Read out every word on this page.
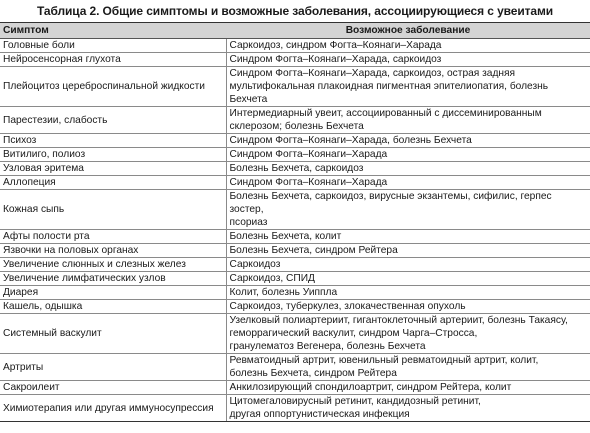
Таблица 2. Общие симптомы и возможные заболевания, ассоциирующиеся с увеитами
Симптом	Возможное заболевание
Головные боли	Саркоидоз, синдром Фогта–Коянаги–Харада

Нейросенсорная глухота	Синдром Фогта–Коянаги–Харада, саркоидоз

Плейоцитоз цереброспинальной жидкости	Синдром Фогта–Коянаги–Харада, саркоидоз, острая задняя
мультифокальная плакоидная пигментная эпителиопатия, болезнь Бехчета

Парестезии, слабость	Интермедиарный увеит, ассоциированный с диссеминированным
склерозом; болезнь Бехчета

Психоз	Синдром Фогта–Коянаги–Харада, болезнь Бехчета

Витилиго, полиоз	Синдром Фогта–Коянаги–Харада

Узловая эритема	Болезнь Бехчета, саркоидоз

Аллопеция	Синдром Фогта–Коянаги–Харада

Кожная сыпь	Болезнь Бехчета, саркоидоз, вирусные экзантемы, сифилис, герпес зостер,
псориаз

Афты полости рта	Болезнь Бехчета, колит

Язвочки на половых органах	Болезнь Бехчета, синдром Рейтера

Увеличение слюнных и слезных желез	Саркоидоз

Увеличение лимфатических узлов	Саркоидоз, СПИД

Диарея	Колит, болезнь Уиппла

Кашель, одышка	Саркоидоз, туберкулез, злокачественная опухоль

Системный васкулит	Узелковый полиартериит, гигантоклеточный артериит, болезнь Такаясу,
геморрагический васкулит, синдром Чарга–Стросса,
гранулематоз Вегенера, болезнь Бехчета

Артриты	Ревматоидный артрит, ювенильный ревматоидный артрит, колит,
болезнь Бехчета, синдром Рейтера

Сакроилеит	Анкилозирующий спондилоартрит, синдром Рейтера, колит

Химиотерапия или другая иммуносупрессия	Цитомегаловирусный ретинит, кандидозный ретинит,
другая оппортунистическая инфекция
